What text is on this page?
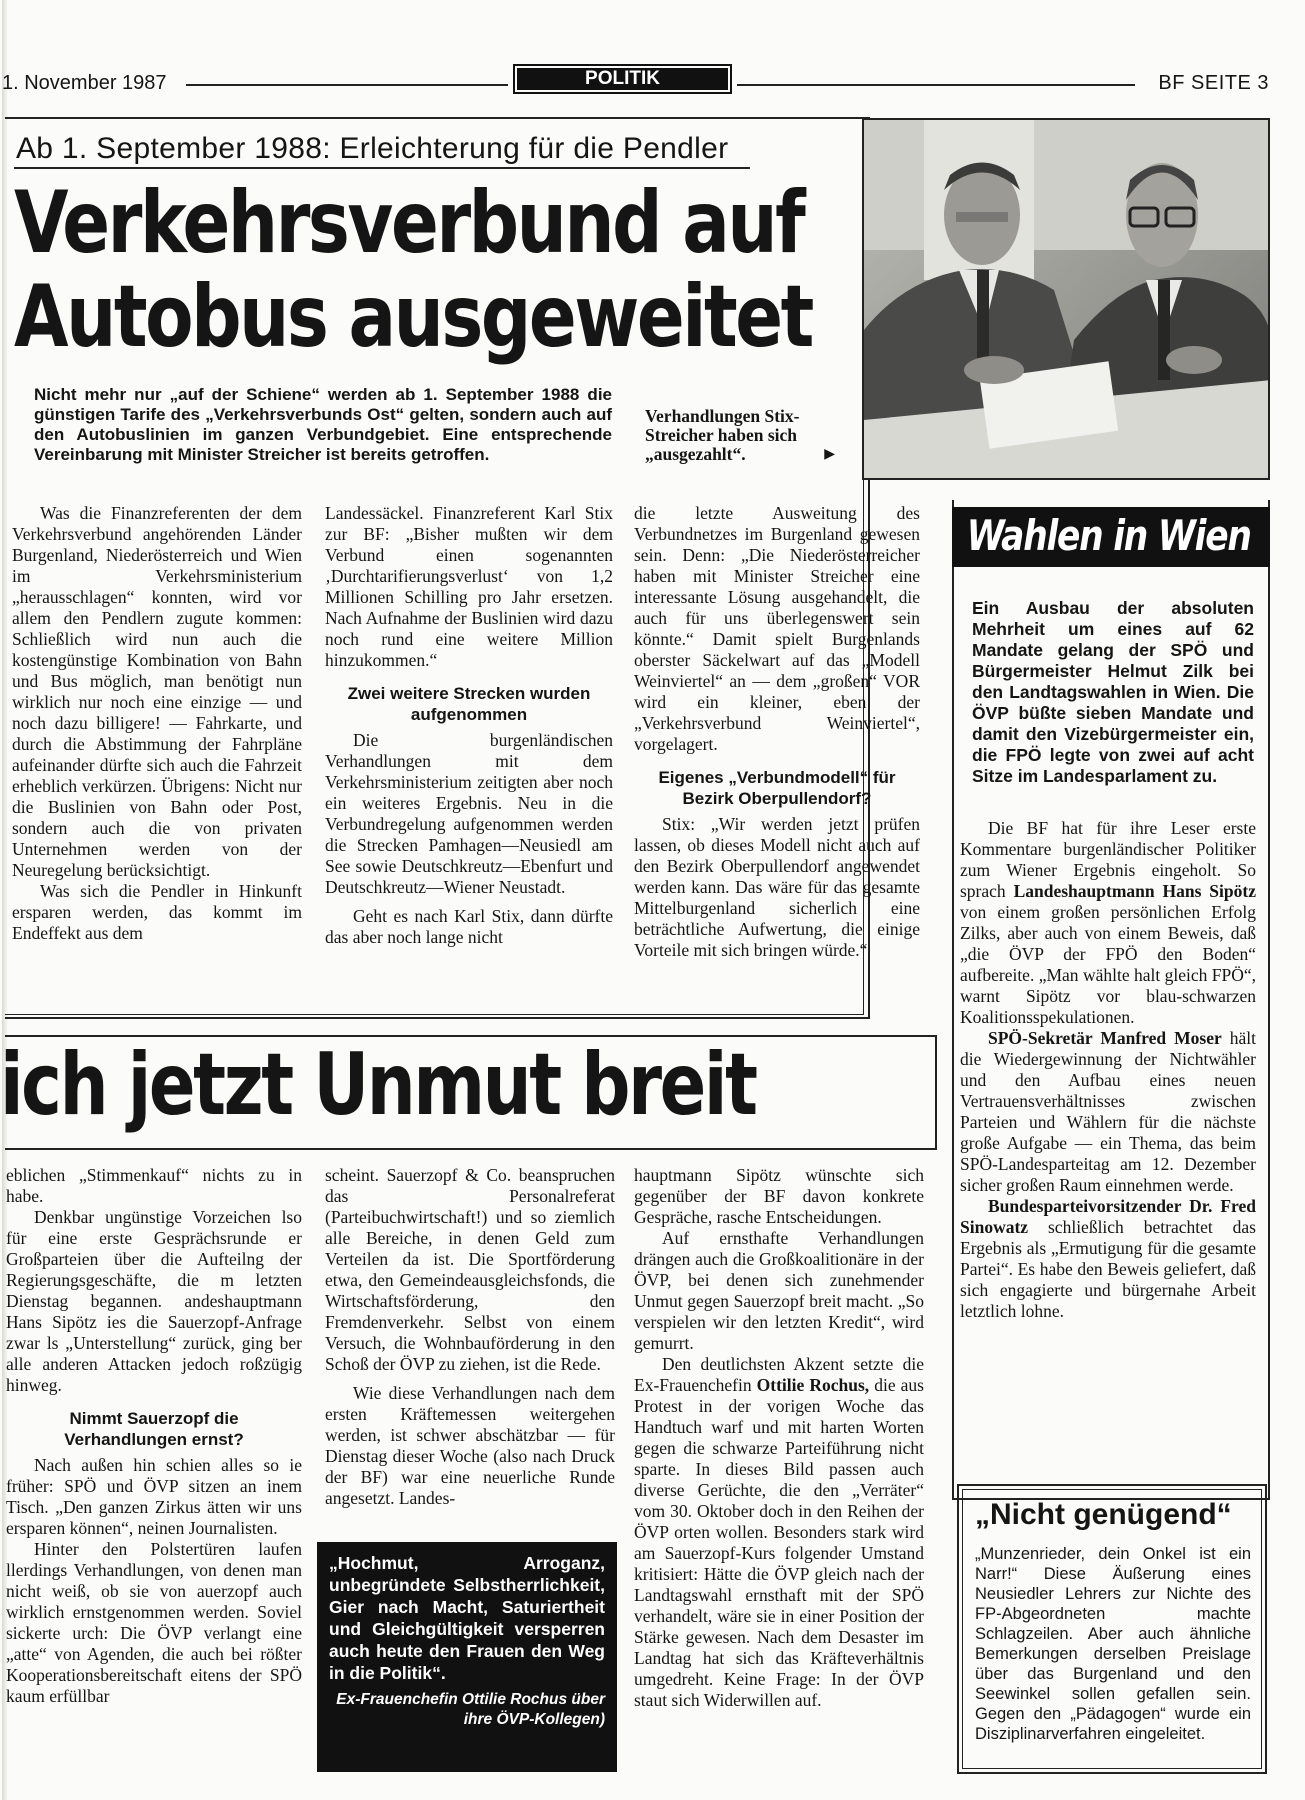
1. November 1987	POLITIK	BF SEITE 3
Ab 1. September 1988: Erleichterung für die Pendler
Verkehrsverbund auf
Autobus ausgeweitet
Nicht mehr nur „auf der Schiene“ werden ab 1. September 1988 die günstigen Tarife des „Verkehrsverbunds Ost“ gelten, sondern auch auf den Autobuslinien im ganzen Verbundgebiet. Eine entsprechende Vereinbarung mit Minister Streicher ist bereits getroffen.
Verhandlungen Stix-Streicher haben sich „ausgezahlt“.	▶

Was die Finanzreferenten der dem Verkehrsverbund angehörenden Länder Burgenland, Niederösterreich und Wien im Verkehrsministerium „herausschlagen“ konnten, wird vor allem den Pendlern zugute kommen: Schließlich wird nun auch die kostengünstige Kombination von Bahn und Bus möglich, man benötigt nun wirklich nur noch eine einzige — und noch dazu billigere! — Fahrkarte, und durch die Abstimmung der Fahrpläne aufeinander dürfte sich auch die Fahrzeit erheblich verkürzen. Übrigens: Nicht nur die Buslinien von Bahn oder Post, sondern auch die von privaten Unternehmen werden von der Neuregelung berücksichtigt.

Was sich die Pendler in Hinkunft ersparen werden, das kommt im Endeffekt aus dem

Landessäckel. Finanzreferent Karl Stix zur BF: „Bisher mußten wir dem Verbund einen sogenannten ‚Durchtarifierungsverlust‘ von 1,2 Millionen Schilling pro Jahr ersetzen. Nach Aufnahme der Buslinien wird dazu noch rund eine weitere Million hinzukommen.“

Zwei weitere Strecken wurden aufgenommen

Die burgenländischen Verhandlungen mit dem Verkehrsministerium zeitigten aber noch ein weiteres Ergebnis. Neu in die Verbundregelung aufgenommen werden die Strecken Pamhagen—Neusiedl am See sowie Deutschkreutz—Ebenfurt und Deutschkreutz—Wiener Neustadt.

Geht es nach Karl Stix, dann dürfte das aber noch lange nicht

die letzte Ausweitung des Verbundnetzes im Burgenland gewesen sein. Denn: „Die Niederösterreicher haben mit Minister Streicher eine interessante Lösung ausgehandelt, die auch für uns überlegenswert sein könnte.“ Damit spielt Burgenlands oberster Säckelwart auf das „Modell Weinviertel“ an — dem „großen“ VOR wird ein kleiner, eben der „Verkehrsverbund Weinviertel“, vorgelagert.

Eigenes „Verbundmodell“ für Bezirk Oberpullendorf?

Stix: „Wir werden jetzt prüfen lassen, ob dieses Modell nicht auch auf den Bezirk Oberpullendorf angewendet werden kann. Das wäre für das gesamte Mittelburgenland sicherlich eine beträchtliche Aufwertung, die einige Vorteile mit sich bringen würde.“

ich jetzt Unmut breit

eblichen „Stimmenkauf“ nichts zu in habe.

Denkbar ungünstige Vorzeichen lso für eine erste Gesprächsrunde er Großparteien über die Aufteilng der Regierungsgeschäfte, die m letzten Dienstag begannen. andeshauptmann Hans Sipötz ies die Sauerzopf-Anfrage zwar ls „Unterstellung“ zurück, ging ber alle anderen Attacken jedoch roßzügig hinweg.

Nimmt Sauerzopf die Verhandlungen ernst?

Nach außen hin schien alles so ie früher: SPÖ und ÖVP sitzen an inem Tisch. „Den ganzen Zirkus ätten wir uns ersparen können“, neinen Journalisten.

Hinter den Polstertüren laufen llerdings Verhandlungen, von denen man nicht weiß, ob sie von auerzopf auch wirklich ernstgenommen werden. Soviel sickerte urch: Die ÖVP verlangt eine „atte“ von Agenden, die auch bei rößter Kooperationsbereitschaft eitens der SPÖ kaum erfüllbar

scheint. Sauerzopf & Co. beanspruchen das Personalreferat (Parteibuchwirtschaft!) und so ziemlich alle Bereiche, in denen Geld zum Verteilen da ist. Die Sportförderung etwa, den Gemeindeausgleichsfonds, die Wirtschaftsförderung, den Fremdenverkehr. Selbst von einem Versuch, die Wohnbauförderung in den Schoß der ÖVP zu ziehen, ist die Rede.

Wie diese Verhandlungen nach dem ersten Kräftemessen weitergehen werden, ist schwer abschätzbar — für Dienstag dieser Woche (also nach Druck der BF) war eine neuerliche Runde angesetzt. Landes-

„Hochmut, Arroganz, unbegründete Selbstherrlichkeit, Gier nach Macht, Saturiertheit und Gleichgültigkeit versperren auch heute den Frauen den Weg in die Politik“.
Ex-Frauenchefin Ottilie Rochus über ihre ÖVP-Kollegen)

hauptmann Sipötz wünschte sich gegenüber der BF davon konkrete Gespräche, rasche Entscheidungen.

Auf ernsthafte Verhandlungen drängen auch die Großkoalitionäre in der ÖVP, bei denen sich zunehmender Unmut gegen Sauerzopf breit macht. „So verspielen wir den letzten Kredit“, wird gemurrt.

Den deutlichsten Akzent setzte die Ex-Frauenchefin Ottilie Rochus, die aus Protest in der vorigen Woche das Handtuch warf und mit harten Worten gegen die schwarze Parteiführung nicht sparte. In dieses Bild passen auch diverse Gerüchte, die den „Verräter“ vom 30. Oktober doch in den Reihen der ÖVP orten wollen. Besonders stark wird am Sauerzopf-Kurs folgender Umstand kritisiert: Hätte die ÖVP gleich nach der Landtagswahl ernsthaft mit der SPÖ verhandelt, wäre sie in einer Position der Stärke gewesen. Nach dem Desaster im Landtag hat sich das Kräfteverhältnis umgedreht. Keine Frage: In der ÖVP staut sich Widerwillen auf.

Wahlen in Wien
Ein Ausbau der absoluten Mehrheit um eines auf 62 Mandate gelang der SPÖ und Bürgermeister Helmut Zilk bei den Landtagswahlen in Wien. Die ÖVP büßte sieben Mandate und damit den Vizebürgermeister ein, die FPÖ legte von zwei auf acht Sitze im Landesparlament zu.

Die BF hat für ihre Leser erste Kommentare burgenländischer Politiker zum Wiener Ergebnis eingeholt. So sprach Landeshauptmann Hans Sipötz von einem großen persönlichen Erfolg Zilks, aber auch von einem Beweis, daß „die ÖVP der FPÖ den Boden“ aufbereite. „Man wählte halt gleich FPÖ“, warnt Sipötz vor blau-schwarzen Koalitionsspekulationen.

SPÖ-Sekretär Manfred Moser hält die Wiedergewinnung der Nichtwähler und den Aufbau eines neuen Vertrauensverhältnisses zwischen Parteien und Wählern für die nächste große Aufgabe — ein Thema, das beim SPÖ-Landesparteitag am 12. Dezember sicher großen Raum einnehmen werde.

Bundesparteivorsitzender Dr. Fred Sinowatz schließlich betrachtet das Ergebnis als „Ermutigung für die gesamte Partei“. Es habe den Beweis geliefert, daß sich engagierte und bürgernahe Arbeit letztlich lohne.

„Nicht genügend“
„Munzenrieder, dein Onkel ist ein Narr!“ Diese Äußerung eines Neusiedler Lehrers zur Nichte des FP-Abgeordneten machte Schlagzeilen. Aber auch ähnliche Bemerkungen derselben Preislage über das Burgenland und den Seewinkel sollen gefallen sein. Gegen den „Pädagogen“ wurde ein Disziplinarverfahren eingeleitet.
